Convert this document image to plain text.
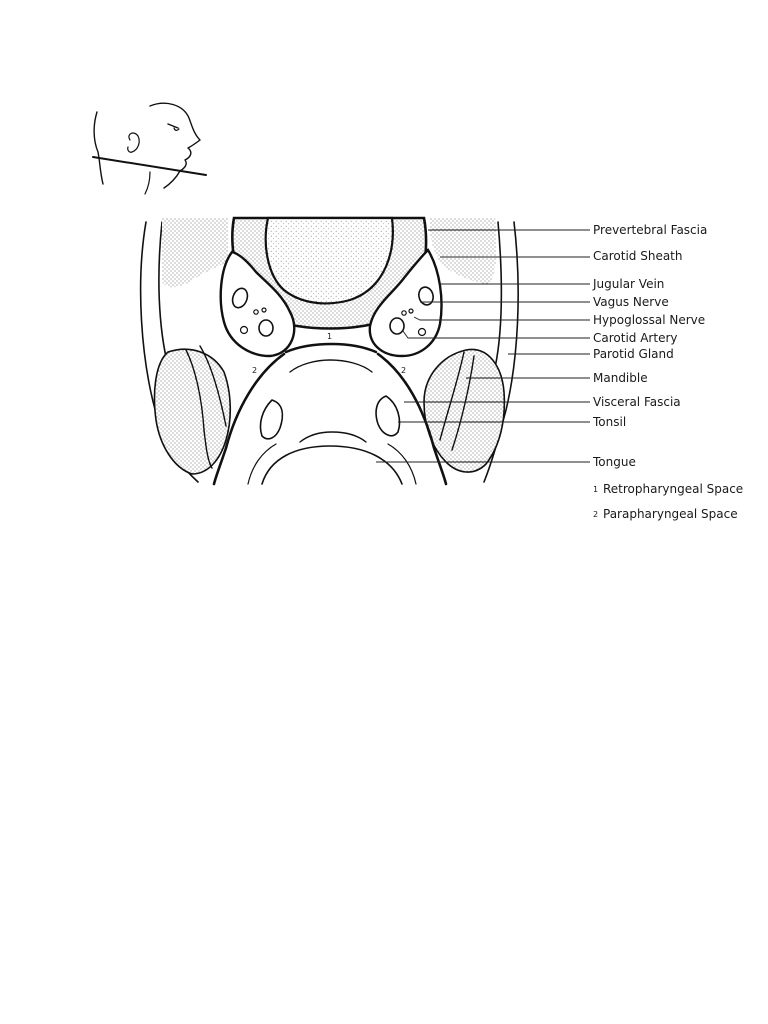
1
2	2
Prevertebral Fascia
Carotid Sheath
Jugular Vein
Vagus Nerve
Hypoglossal Nerve
Carotid Artery
Parotid Gland
Mandible
Visceral Fascia
Tonsil
Tongue
1 Retropharyngeal Space
2 Parapharyngeal Space
